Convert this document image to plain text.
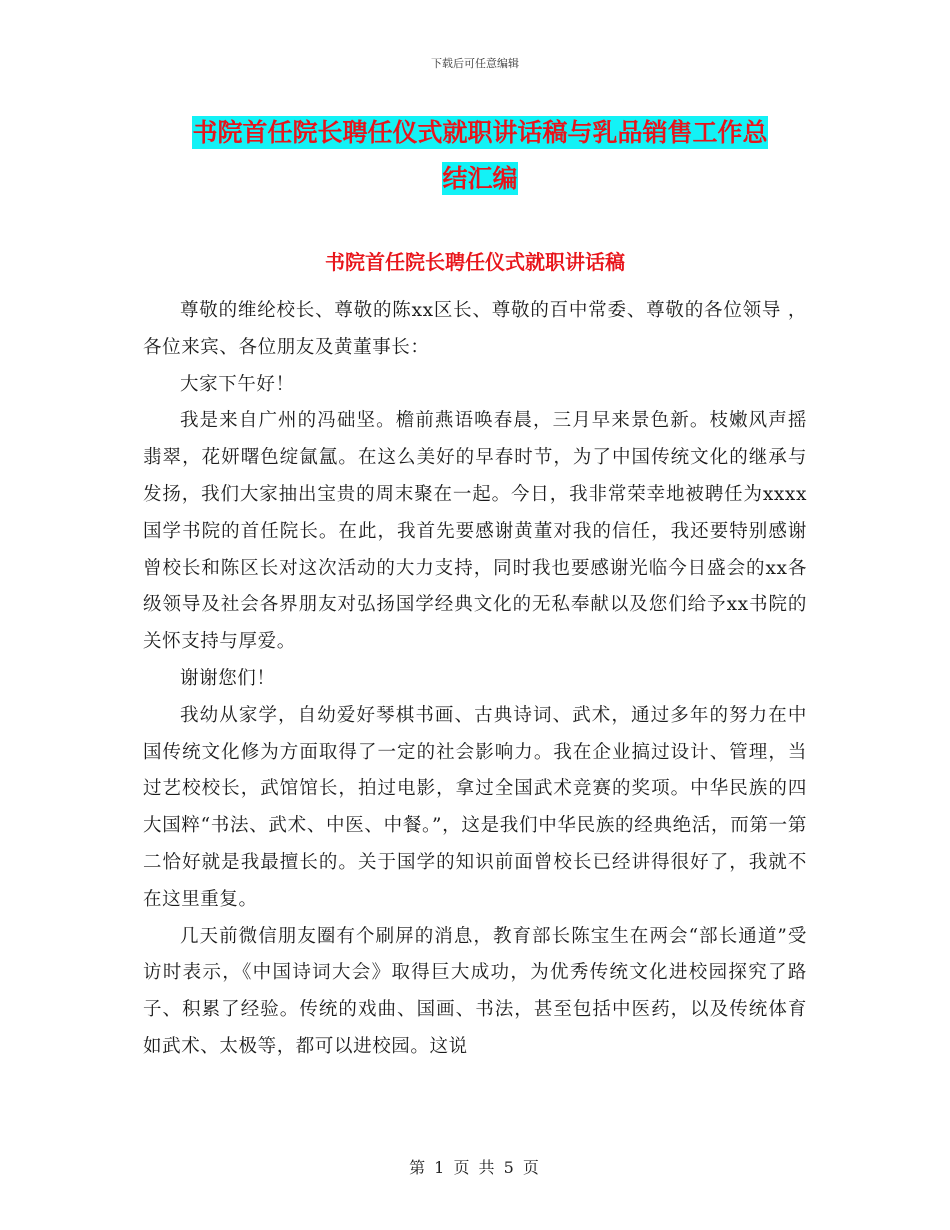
下载后可任意编辑
书院首任院长聘任仪式就职讲话稿与乳品销售工作总
结汇编
书院首任院长聘任仪式就职讲话稿

尊敬的维纶校长、尊敬的陈xx区长、尊敬的百中常委、尊敬的各位领导 ，各位来宾、各位朋友及黄董事长：

大家下午好！

我是来自广州的冯础坚。檐前燕语唤春晨，三月早来景色新。枝嫩风声摇翡翠，花妍曙色绽氤氲。在这么美好的早春时节，为了中国传统文化的继承与发扬，我们大家抽出宝贵的周末聚在一起。今日，我非常荣幸地被聘任为xxxx国学书院的首任院长。在此，我首先要感谢黄董对我的信任，我还要特别感谢曾校长和陈区长对这次活动的大力支持，同时我也要感谢光临今日盛会的xx各级领导及社会各界朋友对弘扬国学经典文化的无私奉献以及您们给予xx书院的关怀支持与厚爱。

谢谢您们！

我幼从家学，自幼爱好琴棋书画、古典诗词、武术，通过多年的努力在中国传统文化修为方面取得了一定的社会影响力。我在企业搞过设计、管理，当过艺校校长，武馆馆长，拍过电影，拿过全国武术竞赛的奖项。中华民族的四大国粹“书法、武术、中医、中餐。”，这是我们中华民族的经典绝活，而第一第二恰好就是我最擅长的。关于国学的知识前面曾校长已经讲得很好了，我就不在这里重复。

几天前微信朋友圈有个刷屏的消息，教育部长陈宝生在两会“部长通道”受访时表示，《中国诗词大会》取得巨大成功，为优秀传统文化进校园探究了路子、积累了经验。传统的戏曲、国画、书法，甚至包括中医药，以及传统体育如武术、太极等，都可以进校园。这说

第 1 页 共 5 页
